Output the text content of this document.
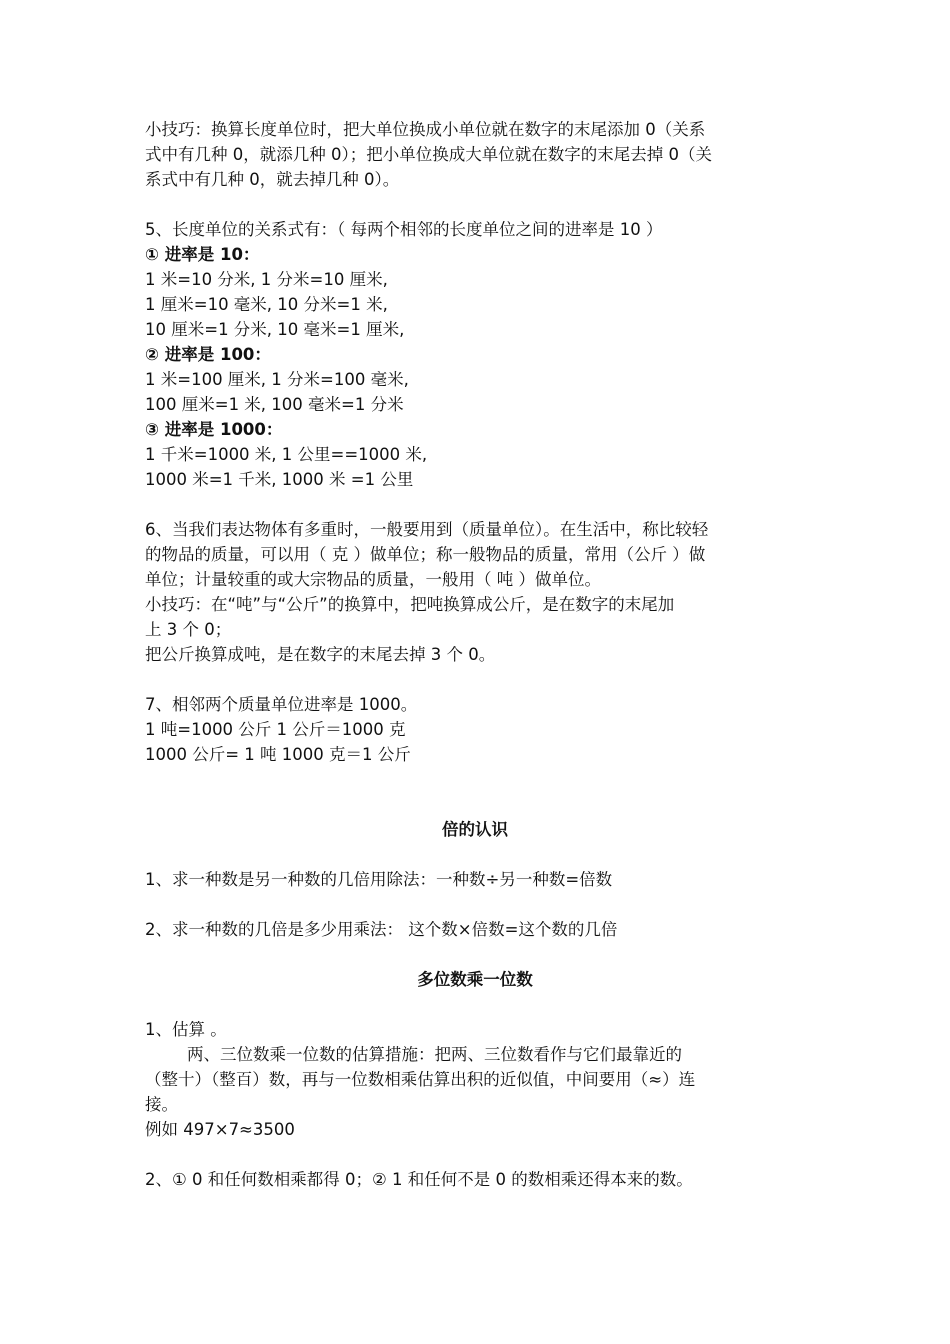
小技巧：换算长度单位时，把大单位换成小单位就在数字的末尾添加 0（关系
式中有几种 0，就添几种 0）；把小单位换成大单位就在数字的末尾去掉 0（关
系式中有几种 0，就去掉几种 0）。
5、长度单位的关系式有：（ 每两个相邻的长度单位之间的进率是 10 ）
① 进率是 10：
1 米=10 分米, 1 分米=10 厘米,
1 厘米=10 毫米, 10 分米=1 米,
10 厘米=1 分米, 10 毫米=1 厘米,
② 进率是 100：
1 米=100 厘米, 1 分米=100 毫米,
100 厘米=1 米, 100 毫米=1 分米
③ 进率是 1000：
1 千米=1000 米, 1 公里==1000 米,
1000 米=1 千米, 1000 米 =1 公里
6、当我们表达物体有多重时，一般要用到（质量单位）。在生活中，称比较轻
的物品的质量，可以用（ 克 ）做单位；称一般物品的质量，常用（公斤 ）做
单位；计量较重的或大宗物品的质量，一般用（ 吨 ）做单位。
小技巧：在“吨”与“公斤”的换算中，把吨换算成公斤，是在数字的末尾加
上 3 个 0；
把公斤换算成吨，是在数字的末尾去掉 3 个 0。
7、相邻两个质量单位进率是 1000。
1 吨=1000 公斤 1 公斤＝1000 克
1000 公斤= 1 吨 1000 克＝1 公斤
倍的认识
1、求一种数是另一种数的几倍用除法：一种数÷另一种数=倍数
2、求一种数的几倍是多少用乘法： 这个数×倍数=这个数的几倍
多位数乘一位数
1、估算 。
两、三位数乘一位数的估算措施：把两、三位数看作与它们最靠近的
（整十）（整百）数，再与一位数相乘估算出积的近似值，中间要用（≈）连
接。
例如 497×7≈3500
2、① 0 和任何数相乘都得 0；② 1 和任何不是 0 的数相乘还得本来的数。
